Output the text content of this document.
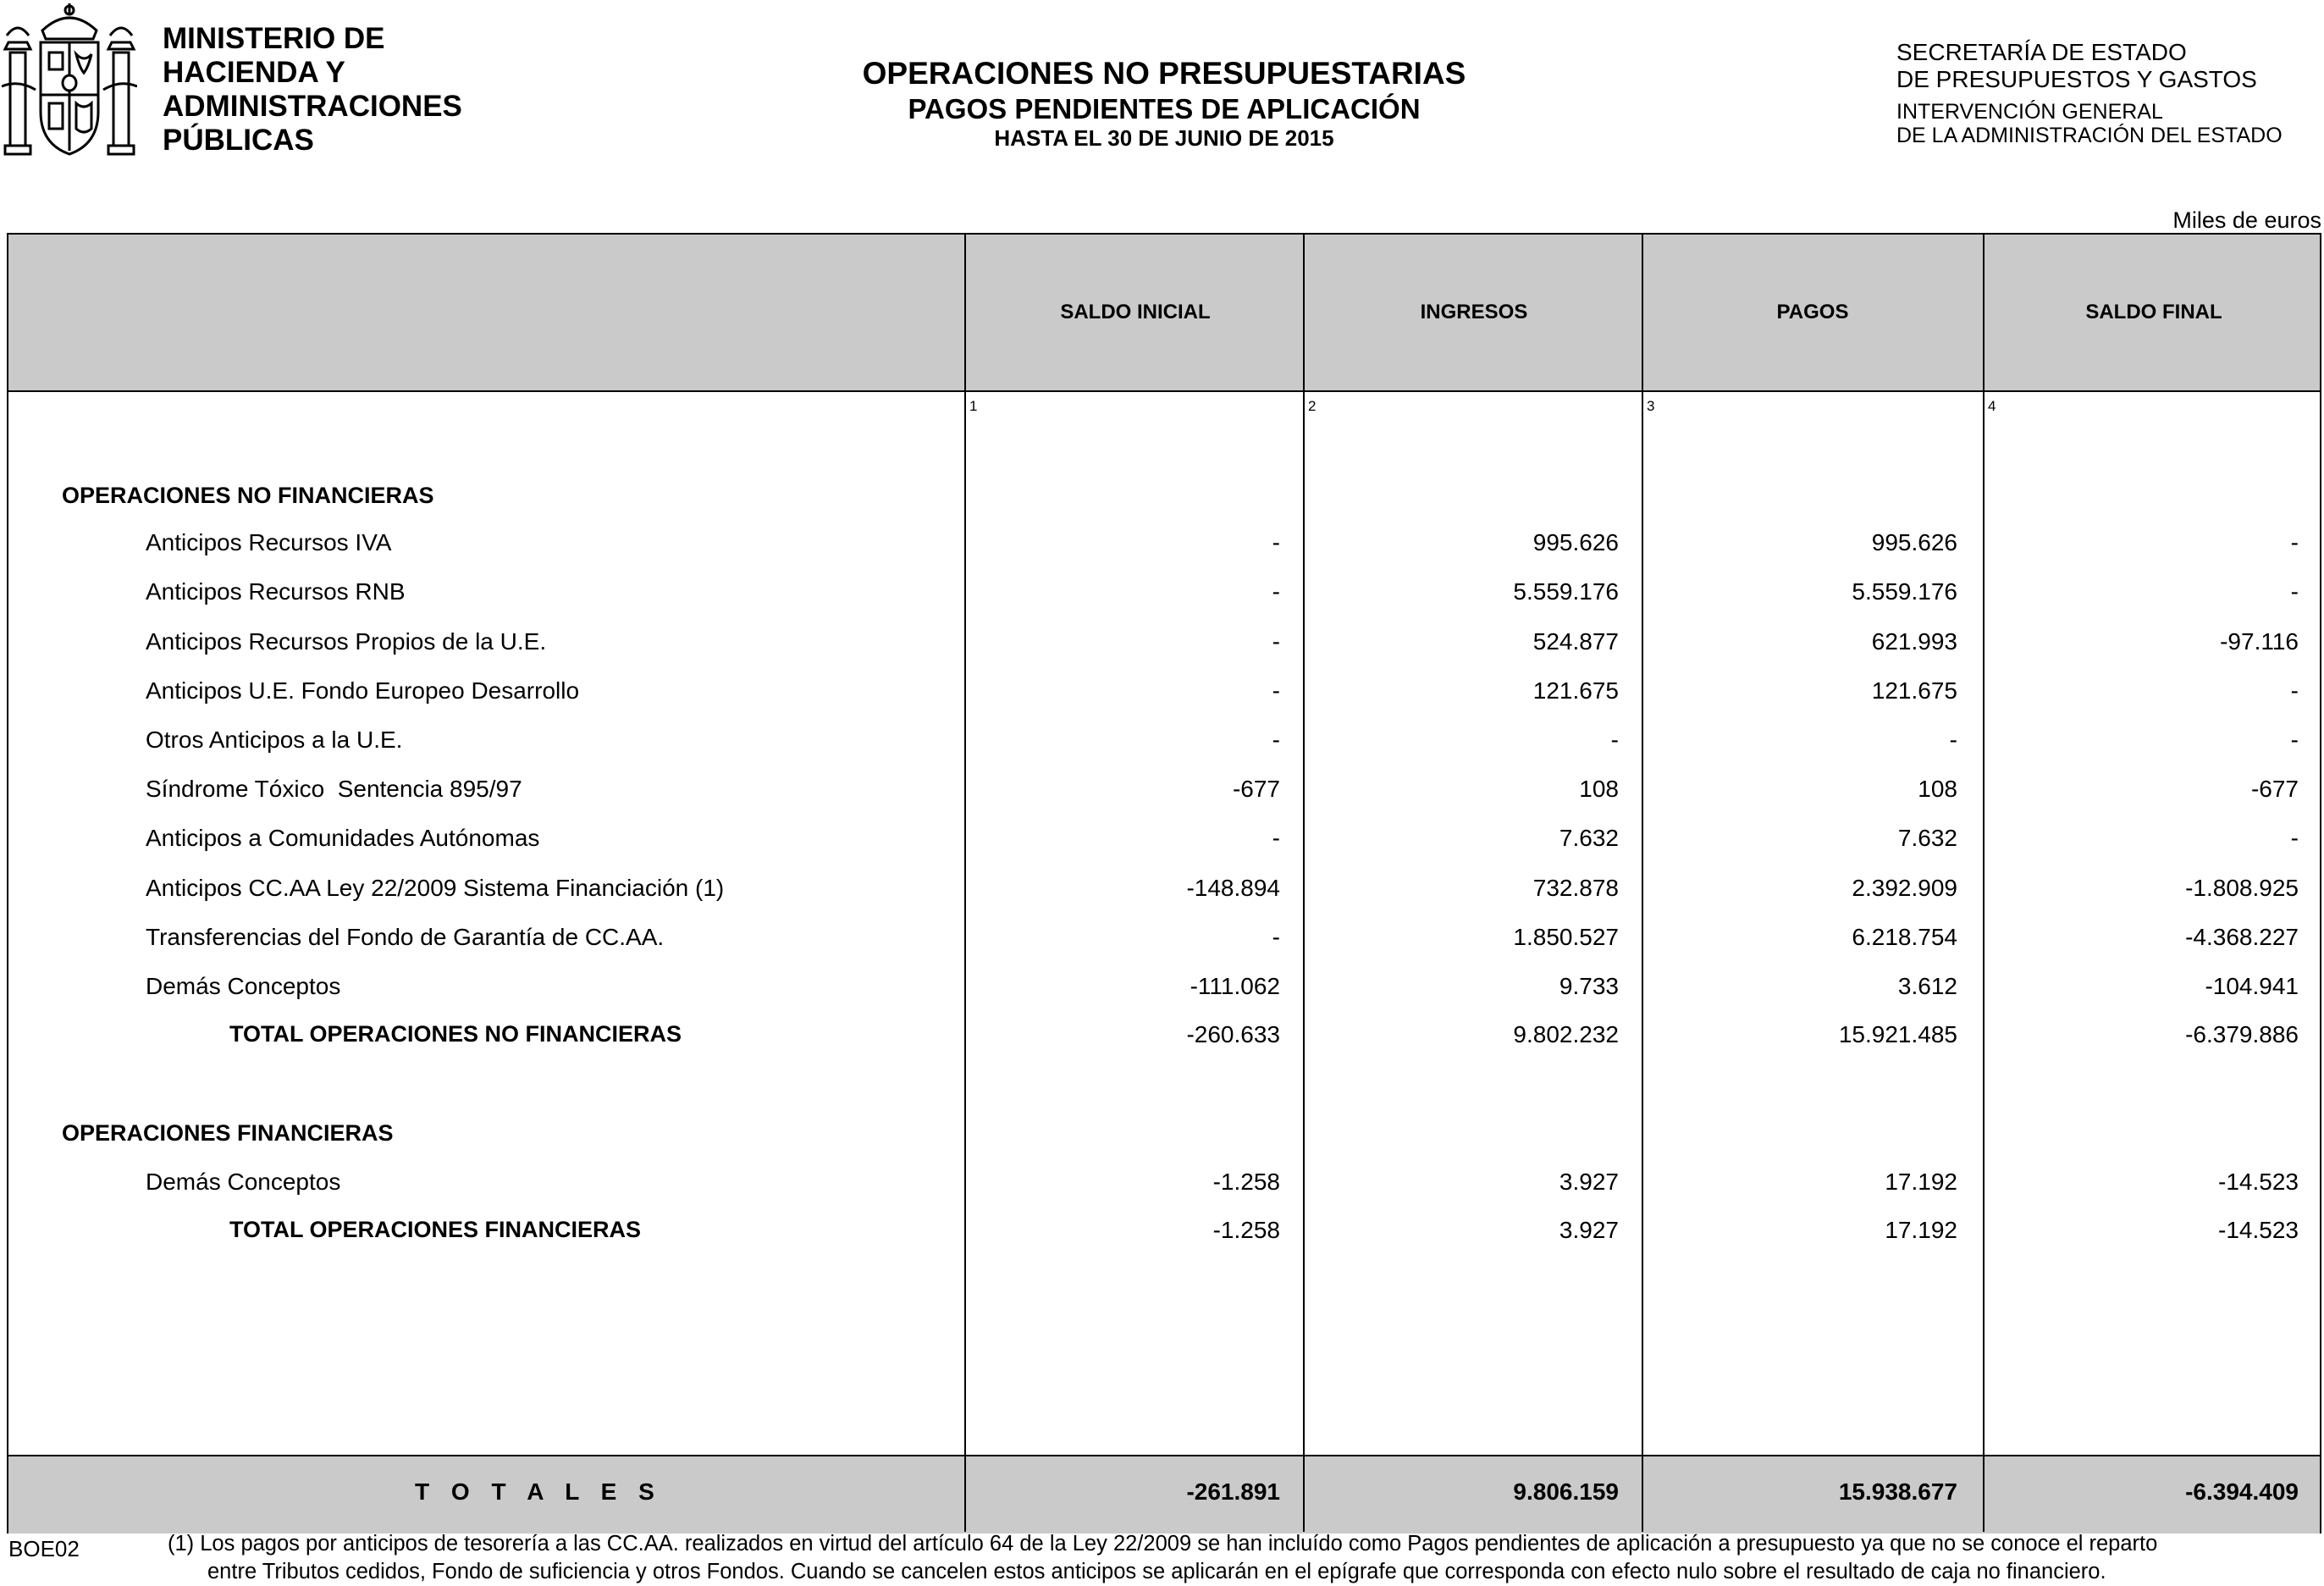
MINISTERIO DE
HACIENDA Y
ADMINISTRACIONES
PÚBLICAS
OPERACIONES NO PRESUPUESTARIAS
PAGOS PENDIENTES DE APLICACIÓN
HASTA EL 30 DE JUNIO DE 2015
SECRETARÍA DE ESTADO
DE PRESUPUESTOS Y GASTOS
INTERVENCIÓN GENERAL
DE LA ADMINISTRACIÓN DEL ESTADO
Miles de euros
SALDO INICIAL	INGRESOS	PAGOS	SALDO FINAL
1	2	3	4
OPERACIONES NO FINANCIERAS
Anticipos Recursos IVA	-	995.626	995.626	-
Anticipos Recursos RNB	-	5.559.176	5.559.176	-
Anticipos Recursos Propios de la U.E.	-	524.877	621.993	-97.116
Anticipos U.E. Fondo Europeo Desarrollo	-	121.675	121.675	-
Otros Anticipos a la U.E.	-	-	-	-
Síndrome Tóxico  Sentencia 895/97	-677	108	108	-677
Anticipos a Comunidades Autónomas	-	7.632	7.632	-
Anticipos CC.AA Ley 22/2009 Sistema Financiación (1)	-148.894	732.878	2.392.909	-1.808.925
Transferencias del Fondo de Garantía de CC.AA.	-	1.850.527	6.218.754	-4.368.227
Demás Conceptos	-111.062	9.733	3.612	-104.941
TOTAL OPERACIONES NO FINANCIERAS	-260.633	9.802.232	15.921.485	-6.379.886
OPERACIONES FINANCIERAS
Demás Conceptos	-1.258	3.927	17.192	-14.523
TOTAL OPERACIONES FINANCIERAS	-1.258	3.927	17.192	-14.523
T O T A L E S	-261.891	9.806.159	15.938.677	-6.394.409
BOE02	(1) Los pagos por anticipos de tesorería a las CC.AA. realizados en virtud del artículo 64 de la Ley 22/2009 se han incluído como Pagos pendientes de aplicación a presupuesto ya que no se conoce el reparto
entre Tributos cedidos, Fondo de suficiencia y otros Fondos. Cuando se cancelen estos anticipos se aplicarán en el epígrafe que corresponda con efecto nulo sobre el resultado de caja no financiero.
